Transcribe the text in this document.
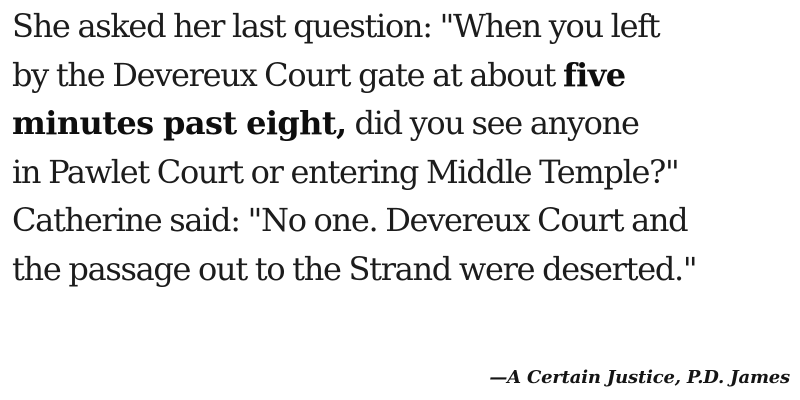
She asked her last question: "When you left
by the Devereux Court gate at about five
minutes past eight, did you see anyone
in Pawlet Court or entering Middle Temple?"
Catherine said: "No one. Devereux Court and
the passage out to the Strand were deserted."

—A Certain Justice, P.D. James
